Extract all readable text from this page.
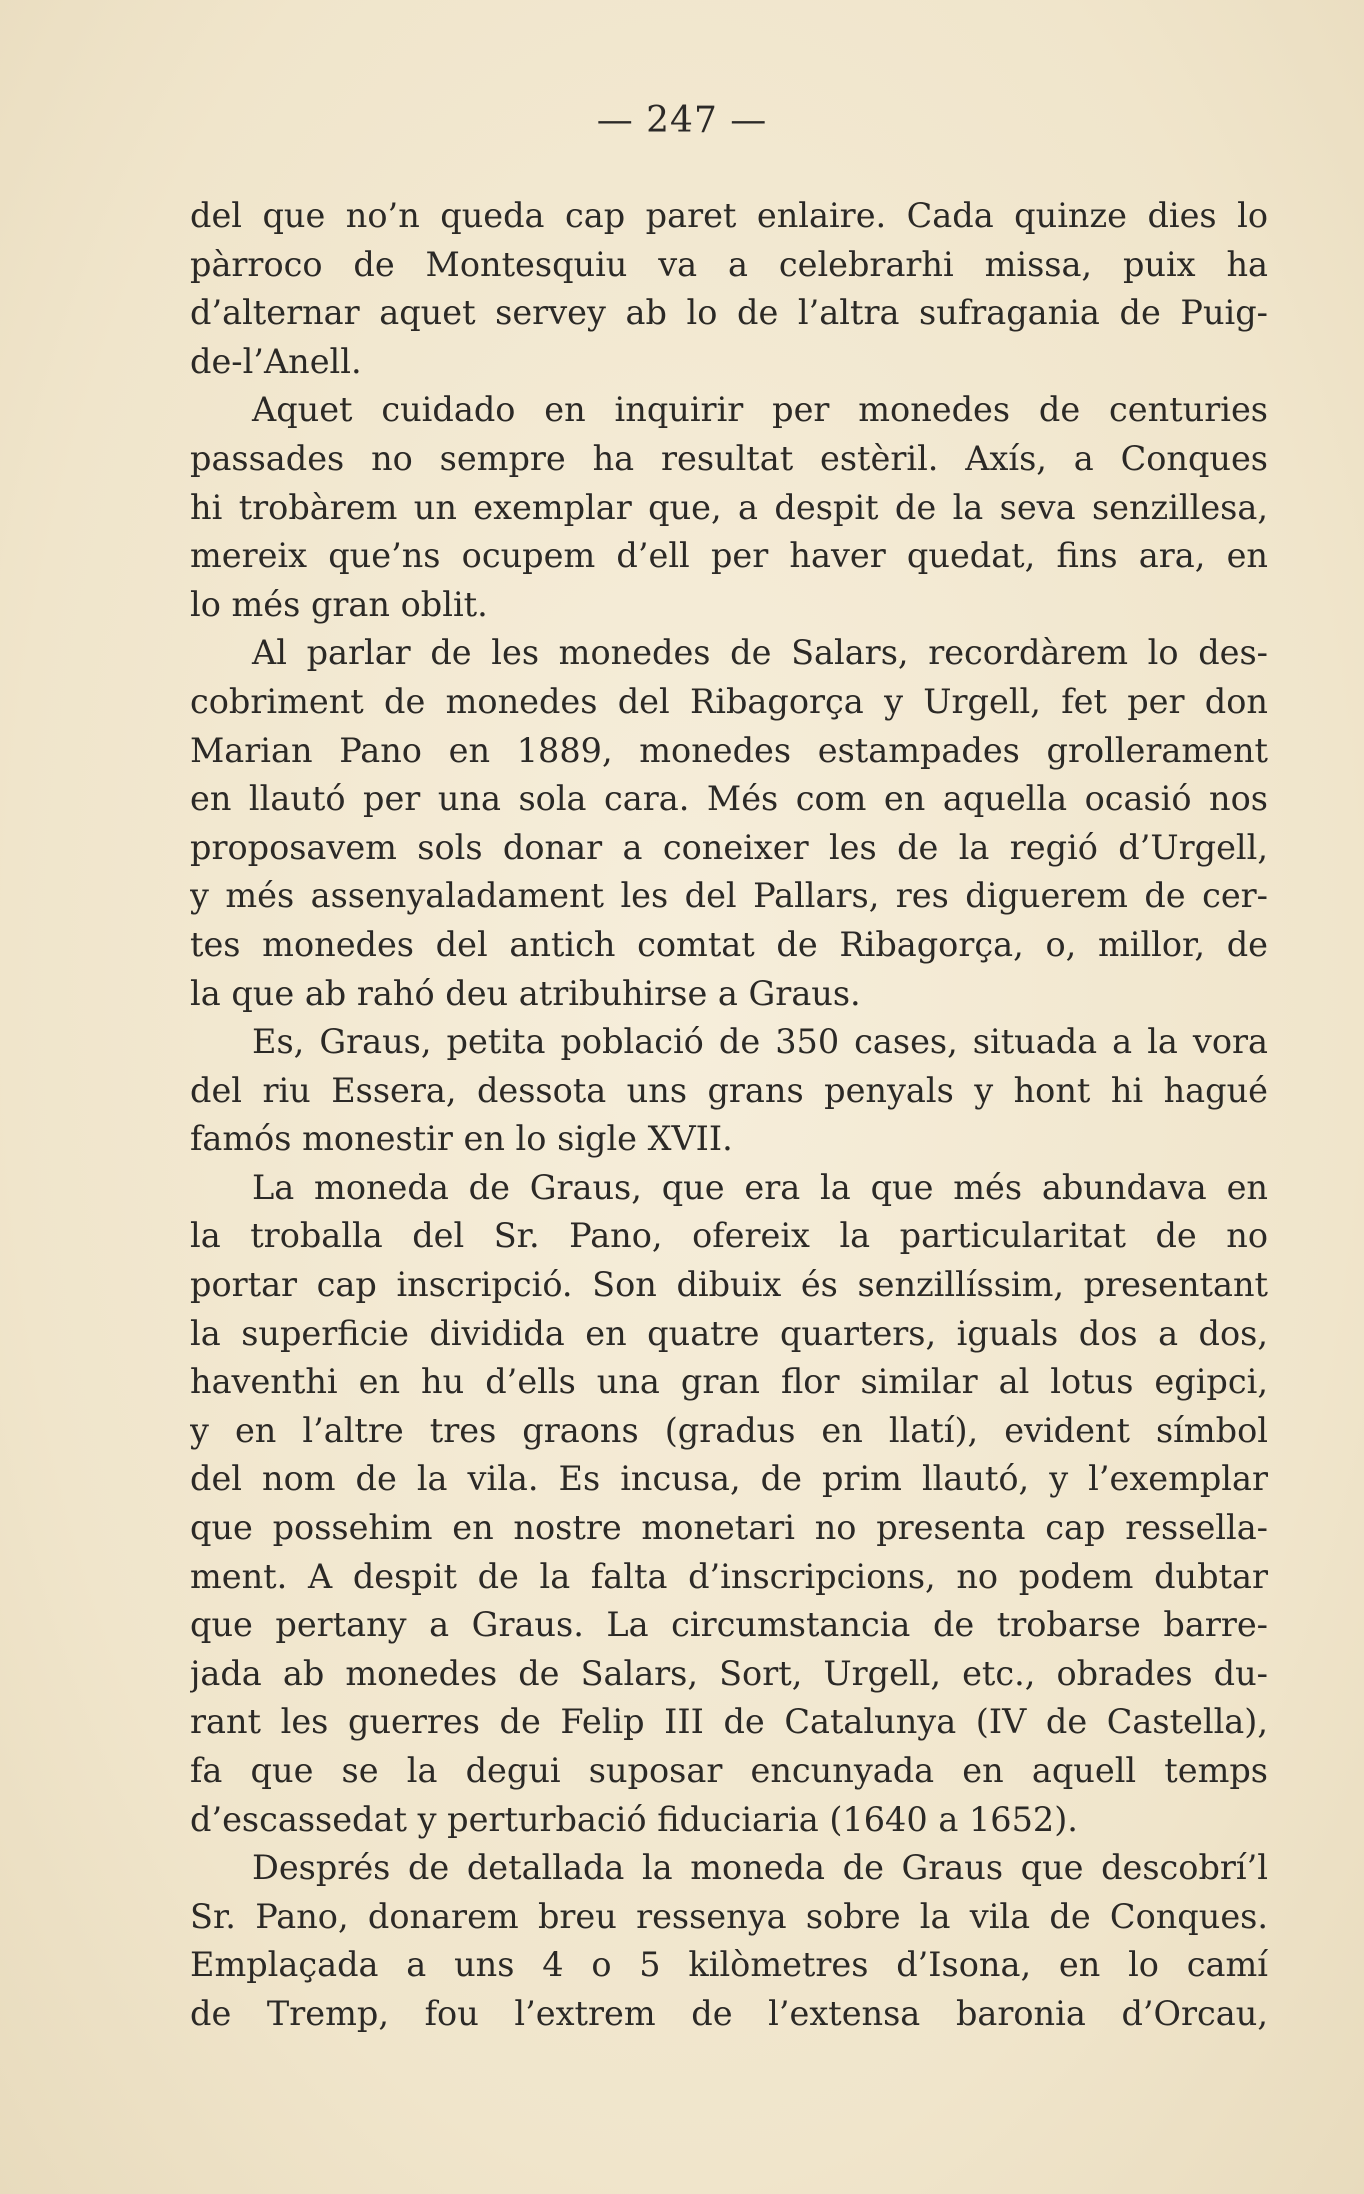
— 247 —
del que no’n queda cap paret enlaire. Cada quinze dies lo
pàrroco de Montesquiu va a celebrarhi missa, puix ha
d’alternar aquet servey ab lo de l’altra sufragania de Puig-
de-l’Anell.
Aquet cuidado en inquirir per monedes de centuries
passades no sempre ha resultat estèril. Axís, a Conques
hi trobàrem un exemplar que, a despit de la seva senzillesa,
mereix que’ns ocupem d’ell per haver quedat, fins ara, en
lo més gran oblit.
Al parlar de les monedes de Salars, recordàrem lo des-
cobriment de monedes del Ribagorça y Urgell, fet per don
Marian Pano en 1889, monedes estampades grollerament
en llautó per una sola cara. Més com en aquella ocasió nos
proposavem sols donar a coneixer les de la regió d’Urgell,
y més assenyaladament les del Pallars, res diguerem de cer-
tes monedes del antich comtat de Ribagorça, o, millor, de
la que ab rahó deu atribuhirse a Graus.
Es, Graus, petita població de 350 cases, situada a la vora
del riu Essera, dessota uns grans penyals y hont hi hagué
famós monestir en lo sigle XVII.
La moneda de Graus, que era la que més abundava en
la troballa del Sr. Pano, ofereix la particularitat de no
portar cap inscripció. Son dibuix és senzillíssim, presentant
la superficie dividida en quatre quarters, iguals dos a dos,
haventhi en hu d’ells una gran flor similar al lotus egipci,
y en l’altre tres graons (gradus en llatí), evident símbol
del nom de la vila. Es incusa, de prim llautó, y l’exemplar
que possehim en nostre monetari no presenta cap ressella-
ment. A despit de la falta d’inscripcions, no podem dubtar
que pertany a Graus. La circumstancia de trobarse barre-
jada ab monedes de Salars, Sort, Urgell, etc., obrades du-
rant les guerres de Felip III de Catalunya (IV de Castella),
fa que se la degui suposar encunyada en aquell temps
d’escassedat y perturbació fiduciaria (1640 a 1652).
Després de detallada la moneda de Graus que descobrí’l
Sr. Pano, donarem breu ressenya sobre la vila de Conques.
Emplaçada a uns 4 o 5 kilòmetres d’Isona, en lo camí
de Tremp, fou l’extrem de l’extensa baronia d’Orcau,
